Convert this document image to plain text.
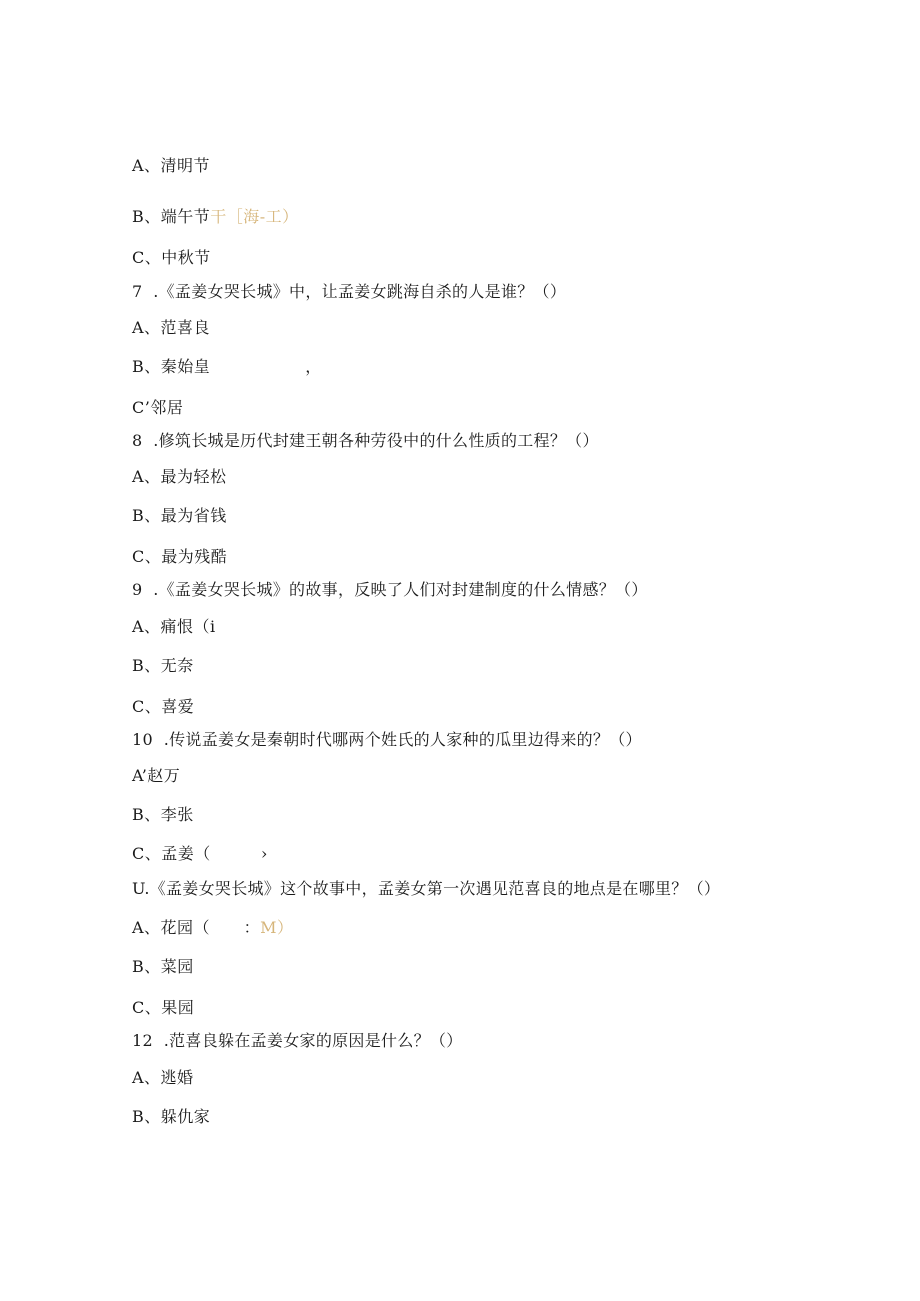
A、清明节
B、端午节干［海-工）
C、中秋节
7  .《孟姜女哭长城》中，让孟姜女跳海自杀的人是谁？（）
A、范喜良
B、秦始皇                 ，
C’邻居
8  .修筑长城是历代封建王朝各种劳役中的什么性质的工程？（）
A、最为轻松
B、最为省钱
C、最为残酷
9  .《孟姜女哭长城》的故事，反映了人们对封建制度的什么情感？（）
A、痛恨（i
B、无奈
C、喜爱
10  .传说孟姜女是秦朝时代哪两个姓氏的人家种的瓜里边得来的？（）
A’赵万
B、李张
C、孟姜（         ›
U.《孟姜女哭长城》这个故事中，孟姜女第一次遇见范喜良的地点是在哪里？（）
A、花园（      ：M）
B、菜园
C、果园
12  .范喜良躲在孟姜女家的原因是什么？（）
A、逃婚
B、躲仇家
